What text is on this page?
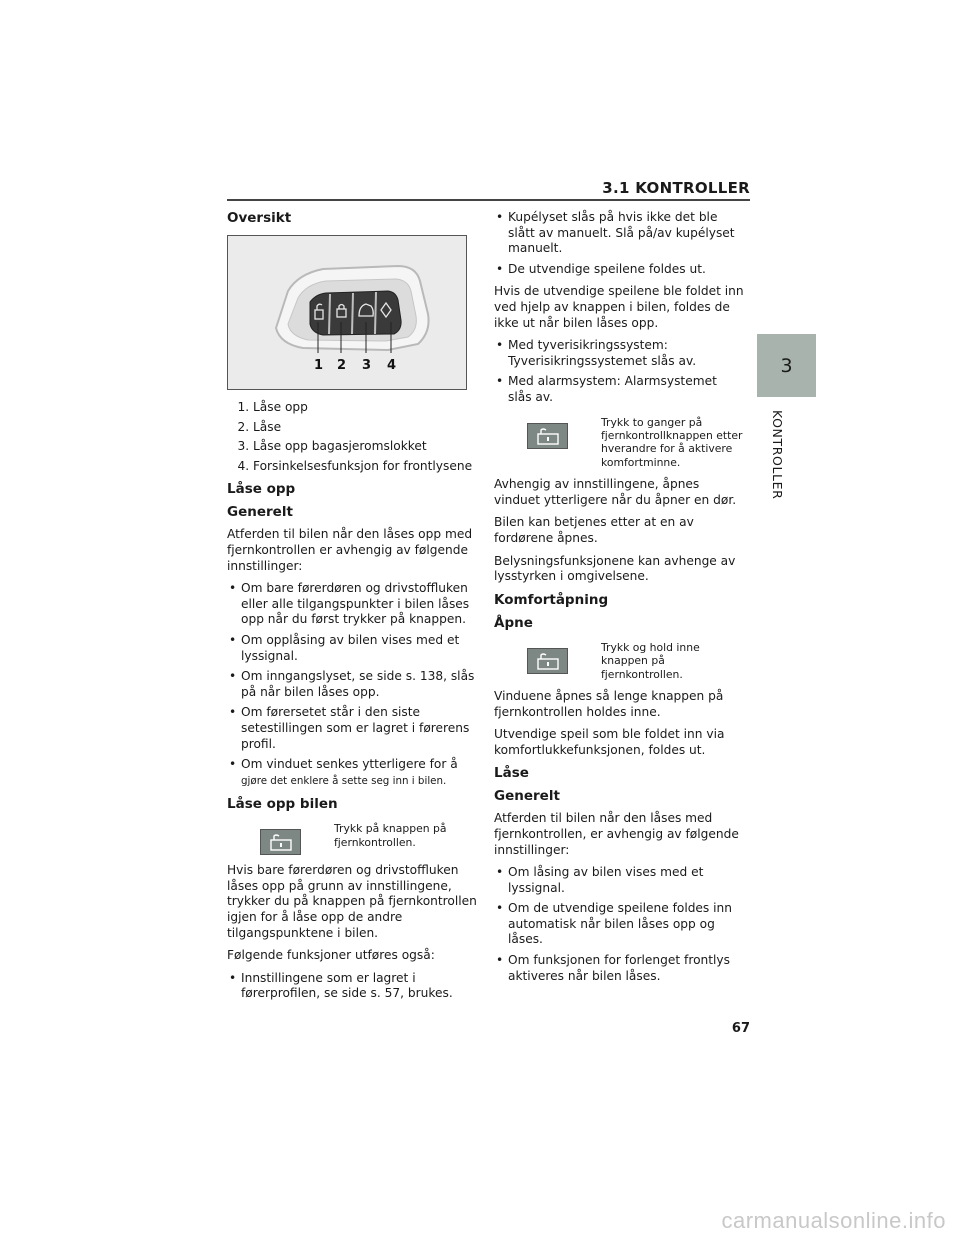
3.1 KONTROLLER
3
KONTROLLER
Oversikt
1 2 3 4
1. Låse opp
2. Låse
3. Låse opp bagasjeromslokket
4. Forsinkelsesfunksjon for frontlysene
Låse opp
Generelt

Atferden til bilen når den låses opp med fjernkontrollen er avhengig av følgende innstillinger:

• Om bare førerdøren og drivstoffluken eller alle tilgangspunkter i bilen låses opp når du først trykker på knappen.
• Om opplåsing av bilen vises med et lyssignal.
• Om inngangslyset, se side s. 138, slås på når bilen låses opp.
• Om førersetet står i den siste setestillingen som er lagret i førerens profil.
• Om vinduet senkes ytterligere for å
gjøre det enklere å sette seg inn i bilen.
Låse opp bilen
Trykk på knappen på fjernkontrollen.

Hvis bare førerdøren og drivstoffluken låses opp på grunn av innstillingene, trykker du på knappen på fjernkontrollen igjen for å låse opp de andre tilgangspunktene i bilen.

Følgende funksjoner utføres også:

• Innstillingene som er lagret i førerprofilen, se side s. 57, brukes.
• Kupélyset slås på hvis ikke det ble slått av manuelt. Slå på/av kupélyset manuelt.
• De utvendige speilene foldes ut.

Hvis de utvendige speilene ble foldet inn ved hjelp av knappen i bilen, foldes de ikke ut når bilen låses opp.

• Med tyverisikringssystem: Tyverisikringssystemet slås av.
• Med alarmsystem: Alarmsystemet slås av.
Trykk to ganger på fjernkontrollknappen etter hverandre for å aktivere komfortminne.

Avhengig av innstillingene, åpnes vinduet ytterligere når du åpner en dør.

Bilen kan betjenes etter at en av fordørene åpnes.

Belysningsfunksjonene kan avhenge av lysstyrken i omgivelsene.

Komfortåpning
Åpne
Trykk og hold inne knappen på fjernkontrollen.

Vinduene åpnes så lenge knappen på fjernkontrollen holdes inne.

Utvendige speil som ble foldet inn via komfortlukkefunksjonen, foldes ut.

Låse
Generelt

Atferden til bilen når den låses med fjernkontrollen, er avhengig av følgende innstillinger:

• Om låsing av bilen vises med et lyssignal.
• Om de utvendige speilene foldes inn automatisk når bilen låses opp og låses.
• Om funksjonen for forlenget frontlys aktiveres når bilen låses.
67
carmanualsonline.info
